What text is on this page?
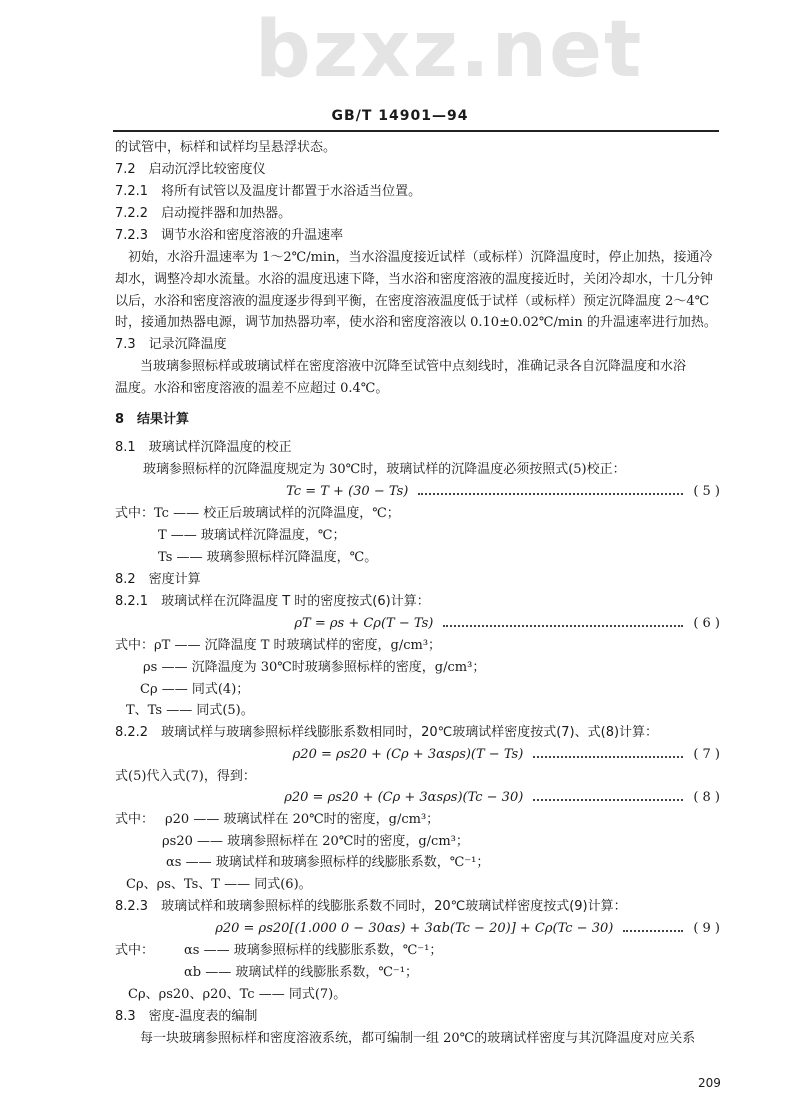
bzxz.net
GB/T 14901—94
的试管中，标样和试样均呈悬浮状态。
7.2　启动沉浮比较密度仪
7.2.1　将所有试管以及温度计都置于水浴适当位置。
7.2.2　启动搅拌器和加热器。
7.2.3　调节水浴和密度溶液的升温速率
初始，水浴升温速率为 1～2℃/min，当水浴温度接近试样（或标样）沉降温度时，停止加热，接通冷
却水，调整冷却水流量。水浴的温度迅速下降，当水浴和密度溶液的温度接近时，关闭冷却水，十几分钟
以后，水浴和密度溶液的温度逐步得到平衡，在密度溶液温度低于试样（或标样）预定沉降温度 2～4℃
时，接通加热器电源，调节加热器功率，使水浴和密度溶液以 0.10±0.02℃/min 的升温速率进行加热。
7.3　记录沉降温度
当玻璃参照标样或玻璃试样在密度溶液中沉降至试管中点刻线时，准确记录各自沉降温度和水浴
温度。水浴和密度溶液的温差不应超过 0.4℃。
8　结果计算
8.1　玻璃试样沉降温度的校正
玻璃参照标样的沉降温度规定为 30℃时，玻璃试样的沉降温度必须按照式(5)校正：
Tc = T + (30 − Ts)	( 5 )
式中：Tc —— 校正后玻璃试样的沉降温度，℃；
T —— 玻璃试样沉降温度，℃；
Ts —— 玻璃参照标样沉降温度，℃。
8.2　密度计算
8.2.1　玻璃试样在沉降温度 T 时的密度按式(6)计算：
ρT = ρs + Cρ(T − Ts)	( 6 )
式中：ρT —— 沉降温度 T 时玻璃试样的密度，g/cm³；
ρs —— 沉降温度为 30℃时玻璃参照标样的密度，g/cm³；
Cρ —— 同式(4)；
T、Ts —— 同式(5)。
8.2.2　玻璃试样与玻璃参照标样线膨胀系数相同时，20℃玻璃试样密度按式(7)、式(8)计算：
ρ20 = ρs20 + (Cρ + 3αsρs)(T − Ts)	( 7 )
式(5)代入式(7)，得到：
ρ20 = ρs20 + (Cρ + 3αsρs)(Tc − 30)	( 8 )
式中： ρ20 —— 玻璃试样在 20℃时的密度，g/cm³；
ρs20 —— 玻璃参照标样在 20℃时的密度，g/cm³；
αs —— 玻璃试样和玻璃参照标样的线膨胀系数，℃⁻¹；
Cρ、ρs、Ts、T —— 同式(6)。
8.2.3　玻璃试样和玻璃参照标样的线膨胀系数不同时，20℃玻璃试样密度按式(9)计算：
ρ20 = ρs20[(1.000 0 − 30αs) + 3αb(Tc − 20)] + Cρ(Tc − 30)	( 9 )
式中： αs —— 玻璃参照标样的线膨胀系数，℃⁻¹；
αb —— 玻璃试样的线膨胀系数，℃⁻¹；
Cρ、ρs20、ρ20、Tc —— 同式(7)。
8.3　密度-温度表的编制
每一块玻璃参照标样和密度溶液系统，都可编制一组 20℃的玻璃试样密度与其沉降温度对应关系
209
